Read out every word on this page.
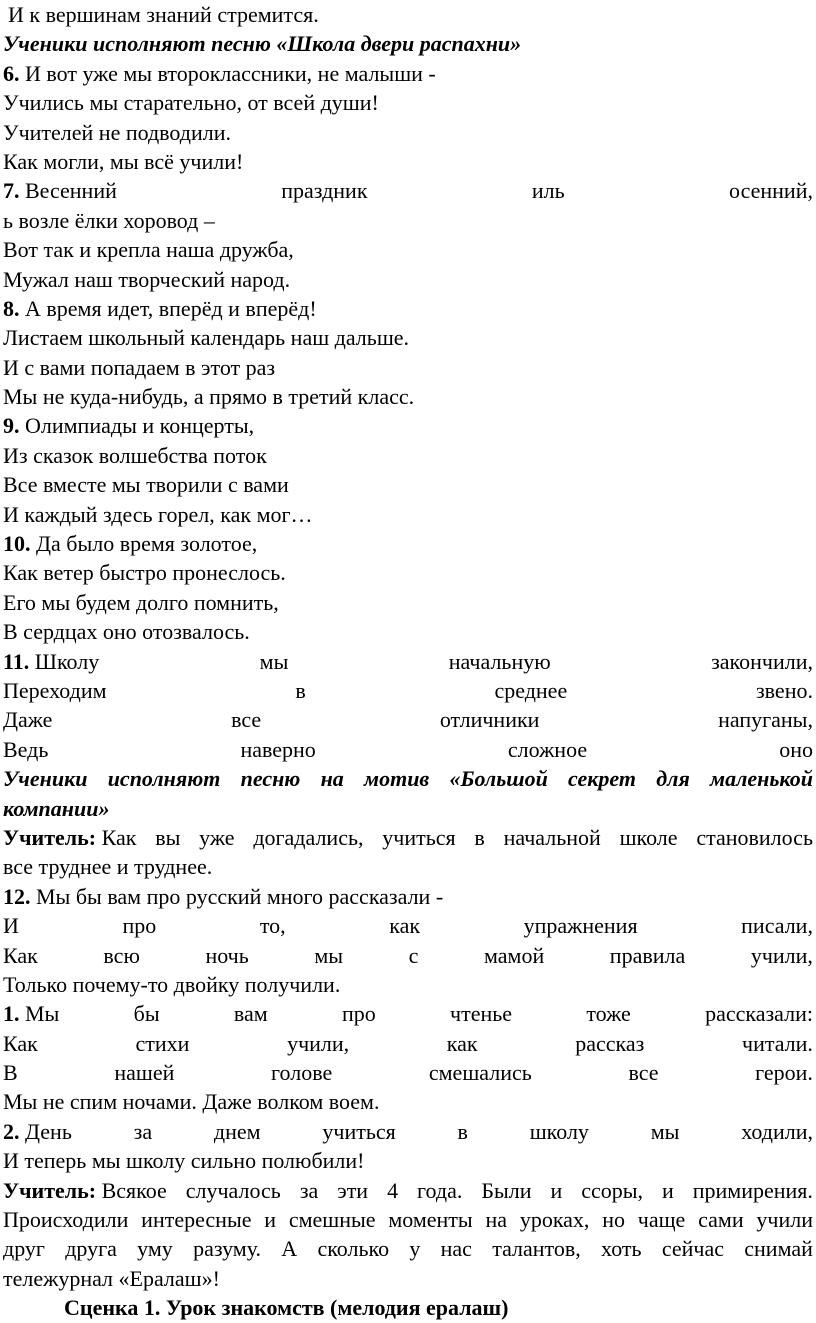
И к вершинам знаний стремится.
Ученики исполняют песню «Школа двери распахни»
6. И вот уже мы второклассники, не малыши -
Учились мы старательно, от всей души!
Учителей не подводили.
Как могли, мы всё учили!
7. Весенний	праздник	иль	осенний,
ь возле ёлки хоровод –
Вот так и крепла наша дружба,
Мужал наш творческий народ.
8. А время идет, вперёд и вперёд!
Листаем школьный календарь наш дальше.
И с вами попадаем в этот раз
Мы не куда-нибудь, а прямо в третий класс.
9. Олимпиады и концерты,
Из сказок волшебства поток
Все вместе мы творили с вами
И каждый здесь горел, как мог…
10. Да было время золотое,
Как ветер быстро пронеслось.
Его мы будем долго помнить,
В сердцах оно отозвалось.
11. Школу	мы	начальную	закончили,
Переходим	в	среднее	звено.
Даже	все	отличники	напуганы,
Ведь	наверно	сложное	оно
Ученики исполняют песню на мотив «Большой секрет для маленькой
компании»
Учитель: Как вы уже догадались, учиться в начальной школе становилось
все труднее и труднее.
12. Мы бы вам про русский много рассказали -
И	про	то,	как	упражнения	писали,
Как	всю	ночь	мы	с	мамой	правила	учили,
Только почему-то двойку получили.
1. Мы	бы	вам	про	чтенье	тоже	рассказали:
Как	стихи	учили,	как	рассказ	читали.
В	нашей	голове	смешались	все	герои.
Мы не спим ночами. Даже волком воем.
2. День	за	днем	учиться	в	школу	мы	ходили,
И теперь мы школу сильно полюбили!
Учитель: Всякое случалось за эти 4 года. Были и ссоры, и примирения.
Происходили интересные и смешные моменты на уроках, но чаще сами учили
друг друга уму разуму. А сколько у нас талантов, хоть сейчас снимай
тележурнал «Ералаш»!
Сценка 1. Урок знакомств (мелодия ералаш)
